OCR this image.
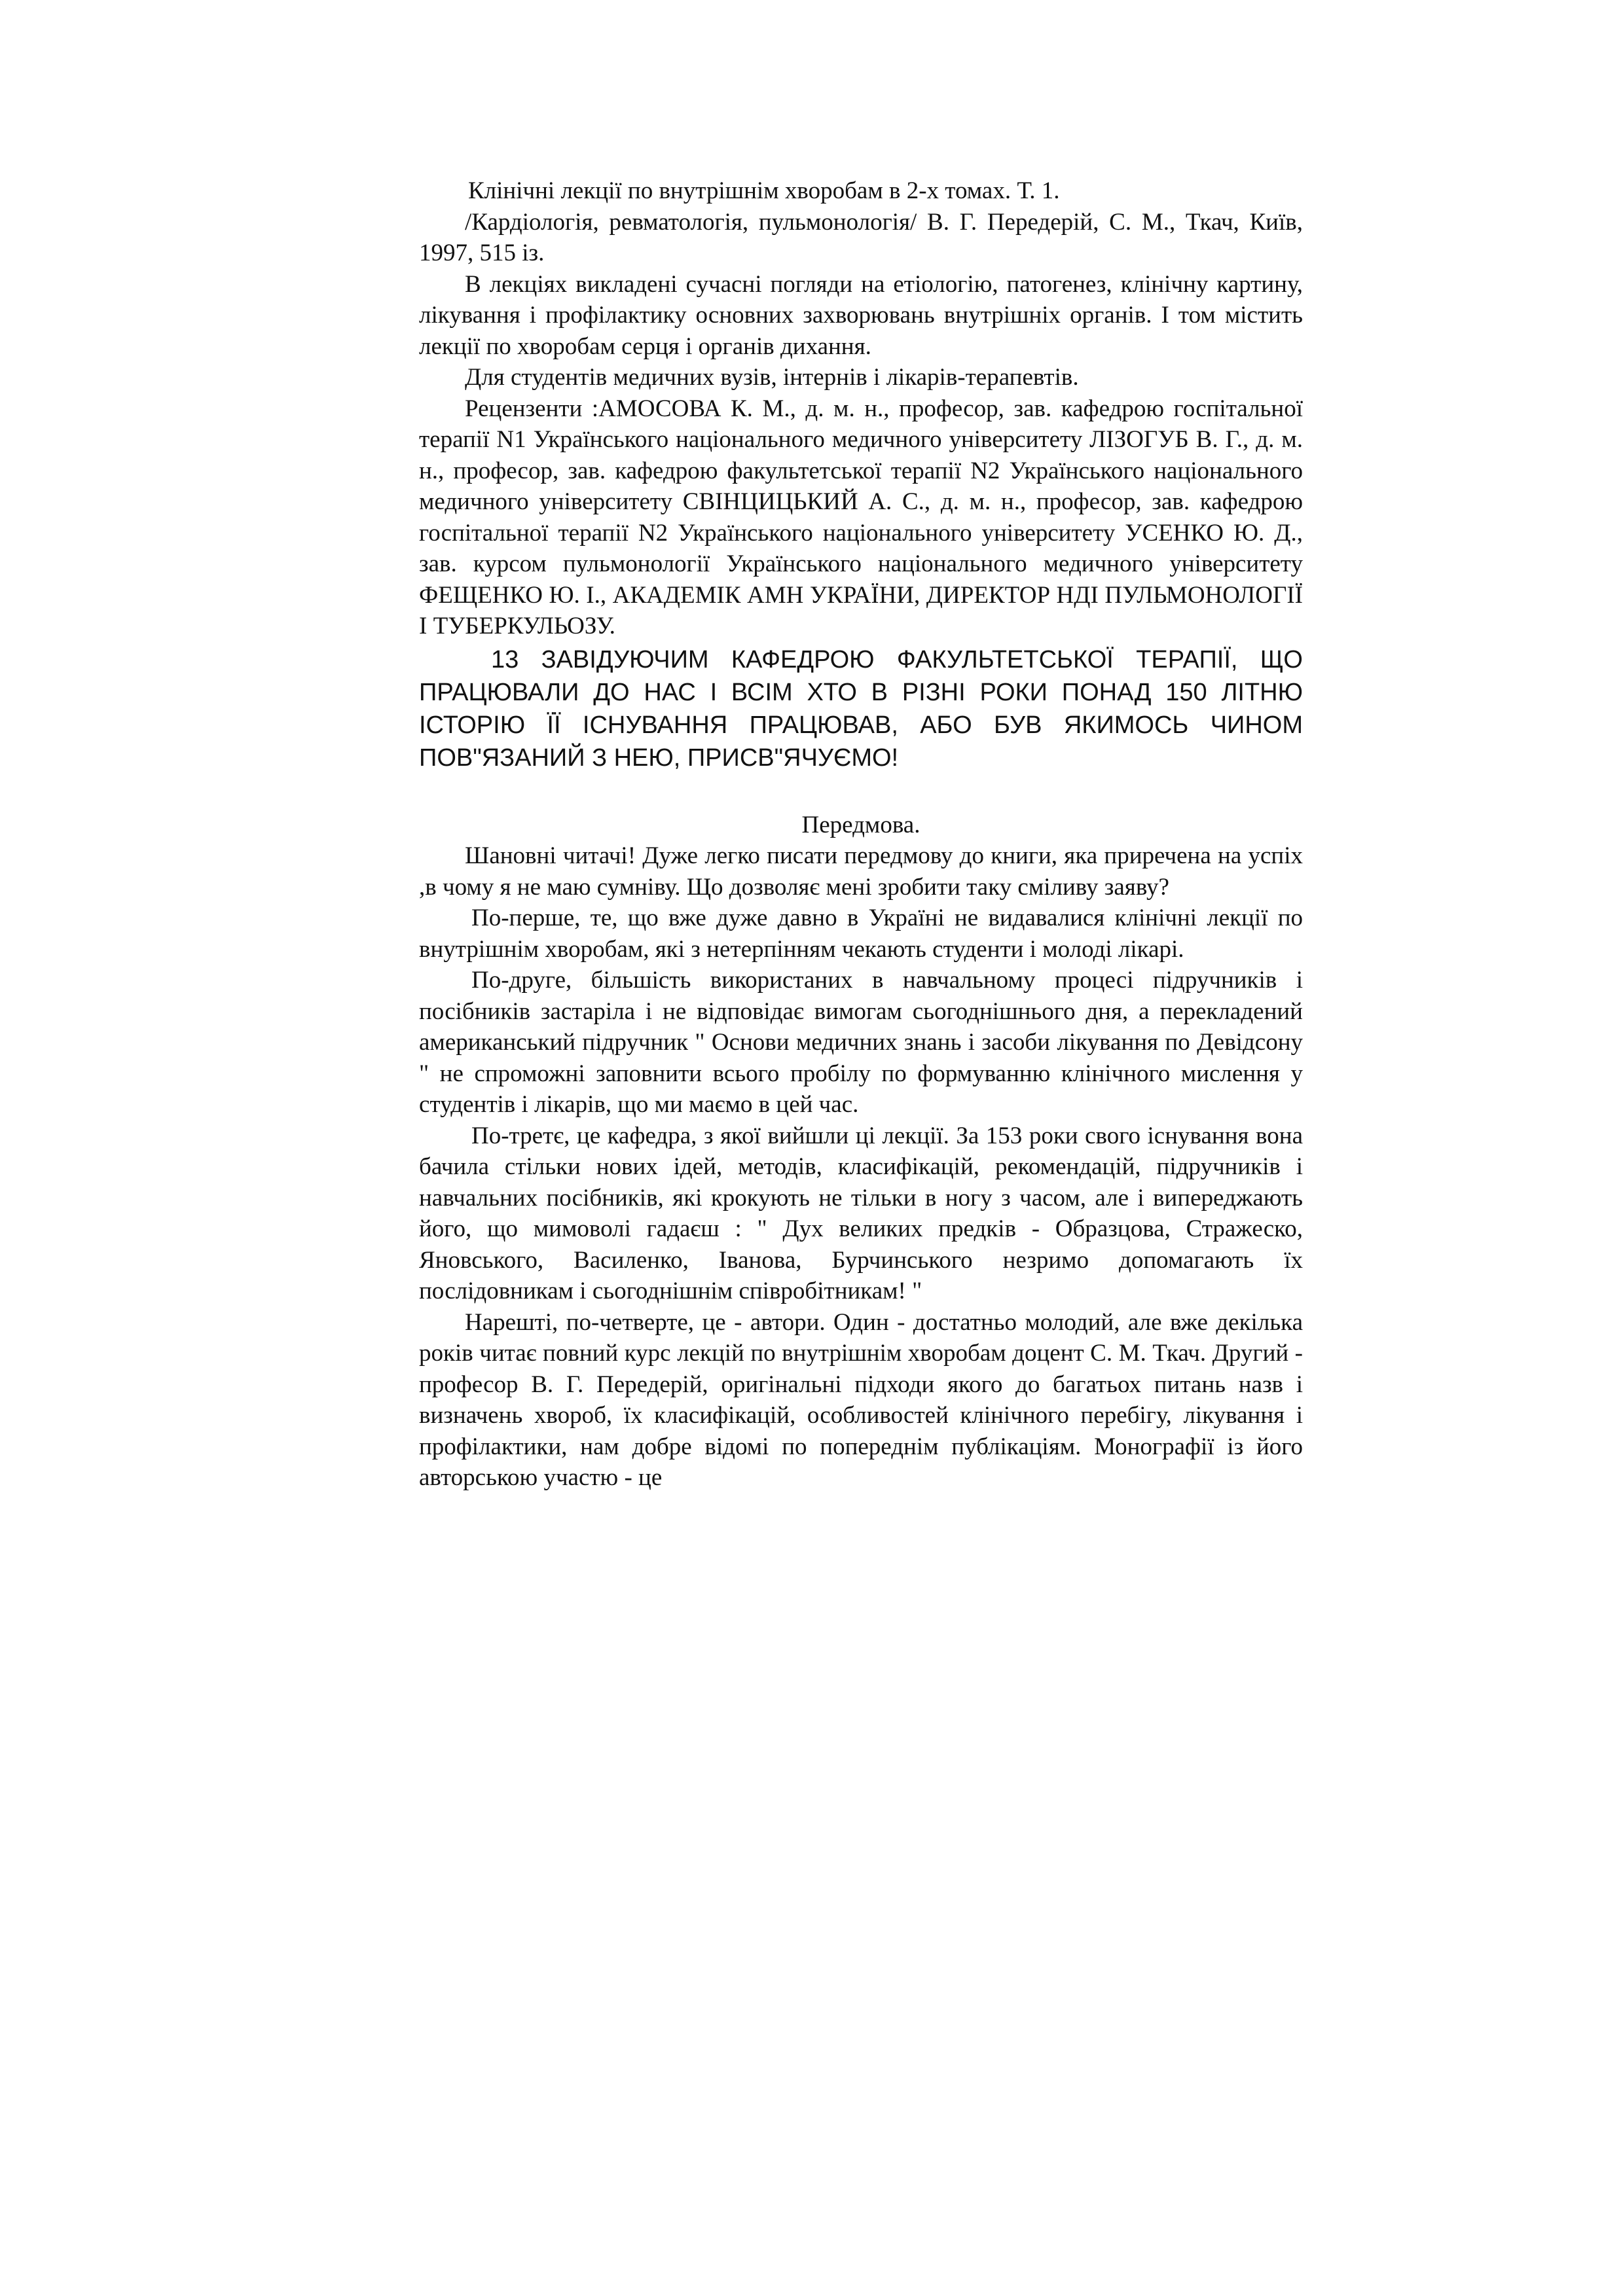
Клінічні лекції по внутрішнім хворобам в 2-х томах. Т. 1.

/Кардіологія, ревматологія, пульмонологія/ В. Г. Передерій, С. М., Ткач, Київ, 1997, 515 із.

В лекціях викладені сучасні погляди на етіологію, патогенез, клінічну картину, лікування і профілактику основних захворювань внутрішніх органів. I том містить лекції по хворобам серця і органів дихання.

Для студентів медичних вузів, інтернів і лікарів-терапевтів.

Рецензенти :АМОСОВА К. М., д. м. н., професор, зав. кафедрою госпітальної терапії N1 Українського національного медичного університету ЛІЗОГУБ В. Г., д. м. н., професор, зав. кафедрою факультетської терапії N2 Українського національного медичного університету СВІНЦИЦЬКИЙ А. С., д. м. н., професор, зав. кафедрою госпітальної терапії N2 Українського національного університету УСЕНКО Ю. Д., зав. курсом пульмонології Українського національного медичного університету ФЕЩЕНКО Ю. І., АКАДЕМІК АМН УКРАЇНИ, ДИРЕКТОР НДІ ПУЛЬМОНОЛОГІЇ І ТУБЕРКУЛЬОЗУ.

13 ЗАВІДУЮЧИМ КАФЕДРОЮ ФАКУЛЬТЕТСЬКОЇ ТЕРАПІЇ, ЩО ПРАЦЮВАЛИ ДО НАС І ВСІМ ХТО В РІЗНІ РОКИ ПОНАД 150 ЛІТНЮ ІСТОРІЮ ЇЇ ІСНУВАННЯ ПРАЦЮВАВ, АБО БУВ ЯКИМОСЬ ЧИНОМ ПОВ"ЯЗАНИЙ З НЕЮ, ПРИСВ"ЯЧУЄМО!

Передмова.

Шановні читачі! Дуже легко писати передмову до книги, яка приречена на успіх ,в чому я не маю сумніву. Що дозволяє мені зробити таку сміливу заяву?

По-перше, те, що вже дуже давно в Україні не видавалися клінічні лекції по внутрішнім хворобам, які з нетерпінням чекають студенти і молоді лікарі.

По-друге, більшість використаних в навчальному процесі підручників і посібників застаріла і не відповідає вимогам сьогоднішнього дня, а перекладений американський підручник " Основи медичних знань і засоби лікування по Девідсону " не спроможні заповнити всього пробілу по формуванню клінічного мислення у студентів і лікарів, що ми маємо в цей час.

По-третє, це кафедра, з якої вийшли ці лекції. За 153 роки свого існування вона бачила стільки нових ідей, методів, класифікацій, рекомендацій, підручників і навчальних посібників, які крокують не тільки в ногу з часом, але і випереджають його, що мимоволі гадаєш : " Дух великих предків - Образцова, Стражеско, Яновського, Василенко, Іванова, Бурчинського незримо допомагають їх послідовникам і сьогоднішнім співробітникам! "

Нарешті, по-четверте, це - автори. Один - достатньо молодий, але вже декілька років читає повний курс лекцій по внутрішнім хворобам доцент С. М. Ткач. Другий - професор В. Г. Передерій, оригінальні підходи якого до багатьох питань назв і визначень хвороб, їх класифікацій, особливостей клінічного перебігу, лікування і профілактики, нам добре відомі по попереднім публікаціям. Монографії із його авторською участю - це
